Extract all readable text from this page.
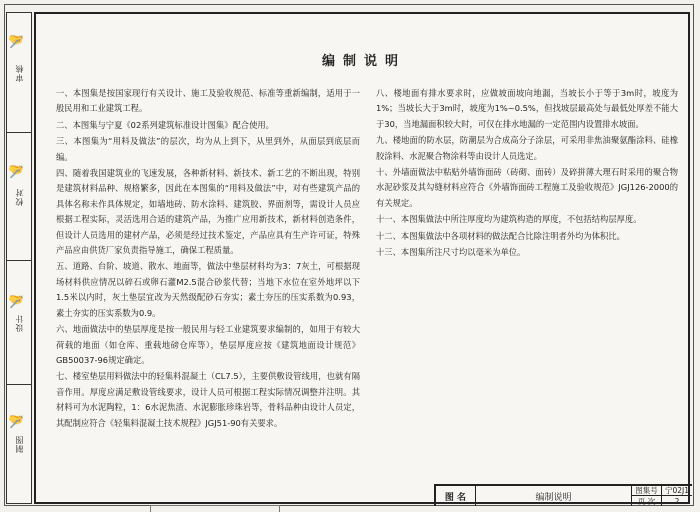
审核
校对
设计
制图
✍
✍
✍
✍
编制说明

一、本图集是按国家现行有关设计、施工及验收规范、标准等重新编制，适用于一般民用和工业建筑工程。

二、本图集与宁夏《02系列建筑标准设计图集》配合使用。

三、本图集为“用料及做法”的层次，均为从上到下，从里到外，从面层到底层而编。

四、随着我国建筑业的飞速发展，各种新材料、新技术、新工艺的不断出现，特别是建筑材料品种、规格繁多，因此在本图集的“用料及做法”中，对有些建筑产品的具体名称未作具体规定，如墙地砖、防水涂料、建筑胶、界面剂等，需设计人员应根据工程实际，灵活选用合适的建筑产品，为推广应用新技术，新材料创造条件，但设计人员选用的建材产品，必须是经过技术鉴定，产品应具有生产许可证，特殊产品应由供货厂家负责指导施工，确保工程质量。

五、道路、台阶、坡道、散水、地面等，做法中垫层材料均为3：7灰土，可根据现场材料供应情况以碎石或卵石灌M2.5混合砂浆代替；当地下水位在室外地坪以下1.5米以内时，灰土垫层宜改为天然级配砂石夯实；素土夯压的压实系数为0.93，素土夯实的压实系数为0.9。

六、地面做法中的垫层厚度是按一般民用与轻工业建筑要求编制的，如用于有较大荷载的地面（如仓库、重载地磅仓库等），垫层厚度应按《建筑地面设计规范》GB50037-96规定确定。

七、楼室垫层用料做法中的轻集料混凝土（CL7.5），主要供敷设管线用，也就有隔音作用。厚度应满足敷设管线要求，设计人员可根据工程实际情况调整并注明。其材料可为水泥陶粒，1：6水泥焦渣、水泥膨胀珍珠岩等，骨料品种由设计人员定，其配制应符合《轻集料混凝土技术规程》JGJ51-90有关要求。

八、楼地面有排水要求时，应做坡面坡向地漏，当坡长小于等于3m时，坡度为1%；当坡长大于3m时，坡度为1%~0.5%，但找坡层最高处与最低处厚差不能大于30，当地漏面积较大时，可仅在排水地漏的一定范围内设置排水坡面。

九、楼地面的防水层，防潮层为合成高分子涂层，可采用非焦油聚氨酯涂料、硅橡胶涂料、水泥聚合物涂料等由设计人员选定。

十、外墙面做法中粘贴外墙饰面砖（砖砌、面砖）及碎拼薄大理石时采用的聚合物水泥砂浆及其勾缝材料应符合《外墙饰面砖工程施工及验收规范》JGJ126-2000的有关规定。

十一、本图集做法中所注厚度均为建筑构造的厚度，不包括结构层厚度。

十二、本图集做法中各项材料的做法配合比除注明者外均为体积比。

十三、本图集所注尺寸均以毫米为单位。

图 名	编制说明
图集号 宁02J1
页 次	2
